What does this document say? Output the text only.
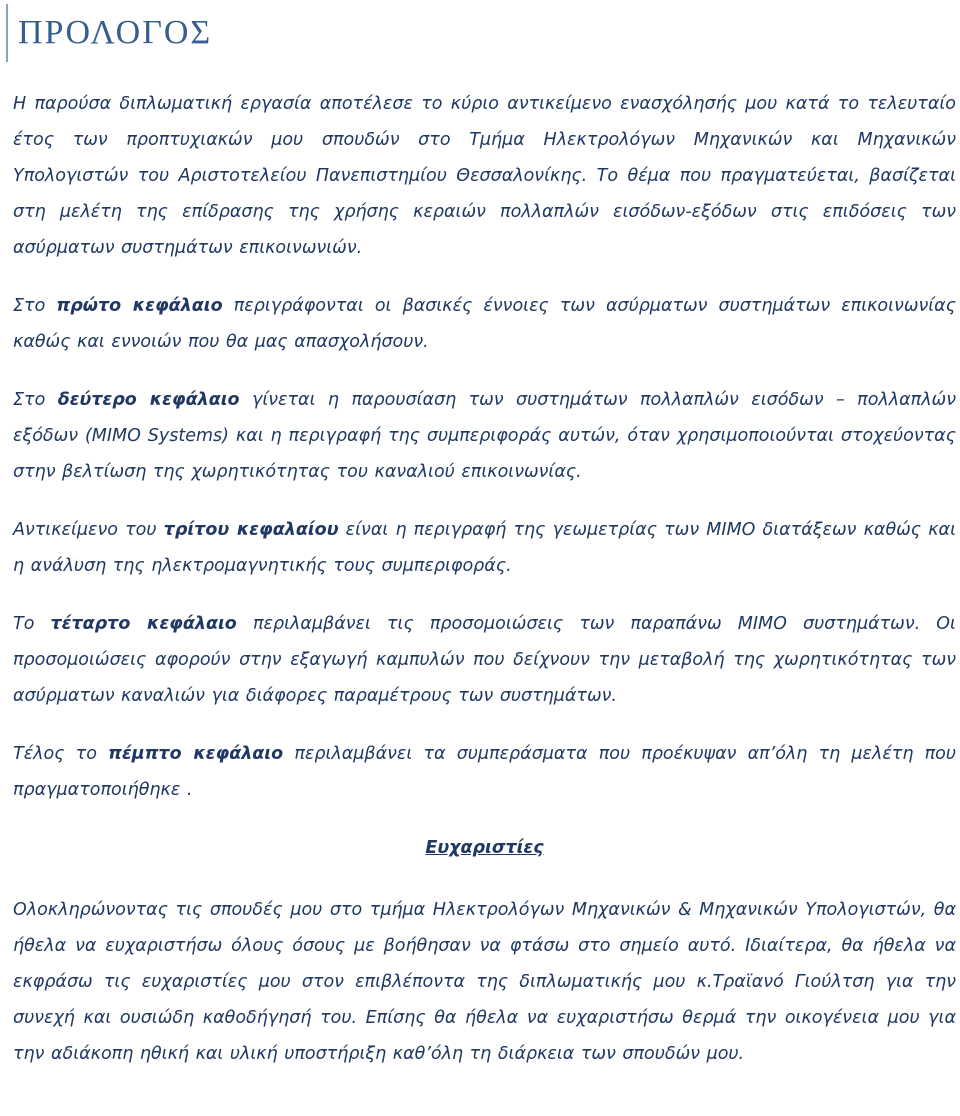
ΠΡΟΛΟΓΟΣ

Η παρούσα διπλωματική εργασία αποτέλεσε το κύριο αντικείμενο ενασχόλησής μου κατά το τελευταίο έτος των προπτυχιακών μου σπουδών στο Τμήμα Ηλεκτρολόγων Μηχανικών και Μηχανικών Υπολογιστών του Αριστοτελείου Πανεπιστημίου Θεσσαλονίκης. Το θέμα που πραγματεύεται, βασίζεται στη μελέτη της επίδρασης της χρήσης κεραιών πολλαπλών εισόδων-εξόδων στις επιδόσεις των ασύρματων συστημάτων επικοινωνιών.

Στο πρώτο κεφάλαιο περιγράφονται οι βασικές έννοιες των ασύρματων συστημάτων επικοινωνίας καθώς και εννοιών που θα μας απασχολήσουν.

Στο δεύτερο κεφάλαιο γίνεται η παρουσίαση των συστημάτων πολλαπλών εισόδων – πολλαπλών εξόδων (MIMO Systems) και η περιγραφή της συμπεριφοράς αυτών, όταν χρησιμοποιούνται στοχεύοντας στην βελτίωση της χωρητικότητας του καναλιού επικοινωνίας.

Αντικείμενο του τρίτου κεφαλαίου είναι η περιγραφή της γεωμετρίας των MIMO διατάξεων καθώς και η ανάλυση της ηλεκτρομαγνητικής τους συμπεριφοράς.

Το τέταρτο κεφάλαιο περιλαμβάνει τις προσομοιώσεις των παραπάνω MIMO συστημάτων. Οι προσομοιώσεις αφορούν στην εξαγωγή καμπυλών που δείχνουν την μεταβολή της χωρητικότητας των ασύρματων καναλιών για διάφορες παραμέτρους των συστημάτων.

Τέλος το πέμπτο κεφάλαιο περιλαμβάνει τα συμπεράσματα που προέκυψαν απ’όλη τη μελέτη που πραγματοποιήθηκε .

Ευχαριστίες

Ολοκληρώνοντας τις σπουδές μου στο τμήμα Ηλεκτρολόγων Μηχανικών & Μηχανικών Υπολογιστών, θα ήθελα να ευχαριστήσω όλους όσους με βοήθησαν να φτάσω στο σημείο αυτό. Ιδιαίτερα, θα ήθελα να εκφράσω τις ευχαριστίες μου στον επιβλέποντα της διπλωματικής μου κ.Τραϊανό Γιούλτση για την συνεχή και ουσιώδη καθοδήγησή του. Επίσης θα ήθελα να ευχαριστήσω θερμά την οικογένεια μου για την αδιάκοπη ηθική και υλική υποστήριξη καθ’όλη τη διάρκεια των σπουδών μου.
